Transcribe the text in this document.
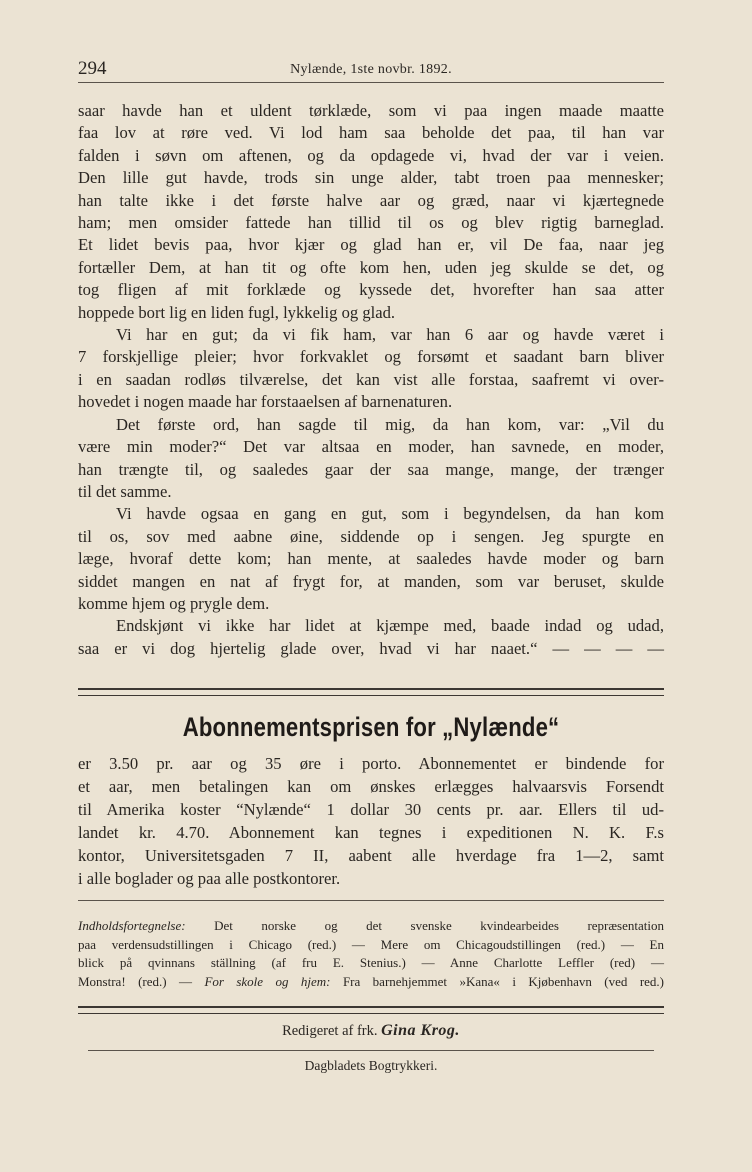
294	Nylænde, 1ste novbr. 1892.

saar havde han et uldent tørklæde, som vi paa ingen maade maatte

faa lov at røre ved. Vi lod ham saa beholde det paa, til han var

falden i søvn om aftenen, og da opdagede vi, hvad der var i veien.

Den lille gut havde, trods sin unge alder, tabt troen paa mennesker;

han talte ikke i det første halve aar og græd, naar vi kjærtegnede

ham; men omsider fattede han tillid til os og blev rigtig barneglad.

Et lidet bevis paa, hvor kjær og glad han er, vil De faa, naar jeg

fortæller Dem, at han tit og ofte kom hen, uden jeg skulde se det, og

tog fligen af mit forklæde og kyssede det, hvorefter han saa atter

hoppede bort lig en liden fugl, lykkelig og glad.

Vi har en gut; da vi fik ham, var han 6 aar og havde været i

7 forskjellige pleier; hvor forkvaklet og forsømt et saadant barn bliver

i en saadan rodløs tilværelse, det kan vist alle forstaa, saafremt vi over-

hovedet i nogen maade har forstaaelsen af barnenaturen.

Det første ord, han sagde til mig, da han kom, var: „Vil du

være min moder?“ Det var altsaa en moder, han savnede, en moder,

han trængte til, og saaledes gaar der saa mange, mange, der trænger

til det samme.

Vi havde ogsaa en gang en gut, som i begyndelsen, da han kom

til os, sov med aabne øine, siddende op i sengen. Jeg spurgte en

læge, hvoraf dette kom; han mente, at saaledes havde moder og barn

siddet mangen en nat af frygt for, at manden, som var beruset, skulde

komme hjem og prygle dem.

Endskjønt vi ikke har lidet at kjæmpe med, baade indad og udad,

saa er vi dog hjertelig glade over, hvad vi har naaet.“ — — — —

Abonnementsprisen for „Nylænde“

er 3.50 pr. aar og 35 øre i porto. Abonnementet er bindende for

et aar, men betalingen kan om ønskes erlægges halvaarsvis Forsendt

til Amerika koster “Nylænde“ 1 dollar 30 cents pr. aar. Ellers til ud-

landet kr. 4.70. Abonnement kan tegnes i expeditionen N. K. F.s

kontor, Universitetsgaden 7 II, aabent alle hverdage fra 1—2, samt

i alle boglader og paa alle postkontorer.

Indholdsfortegnelse: Det norske og det svenske kvindearbeides repræsentation

paa verdensudstillingen i Chicago (red.) — Mere om Chicagoudstillingen (red.) — En

blick på qvinnans ställning (af fru E. Stenius.) — Anne Charlotte Leffler (red) —

Monstra! (red.) — For skole og hjem: Fra barnehjemmet »Kana« i Kjøbenhavn (ved red.)

Redigeret af frk. Gina Krog.
Dagbladets Bogtrykkeri.
